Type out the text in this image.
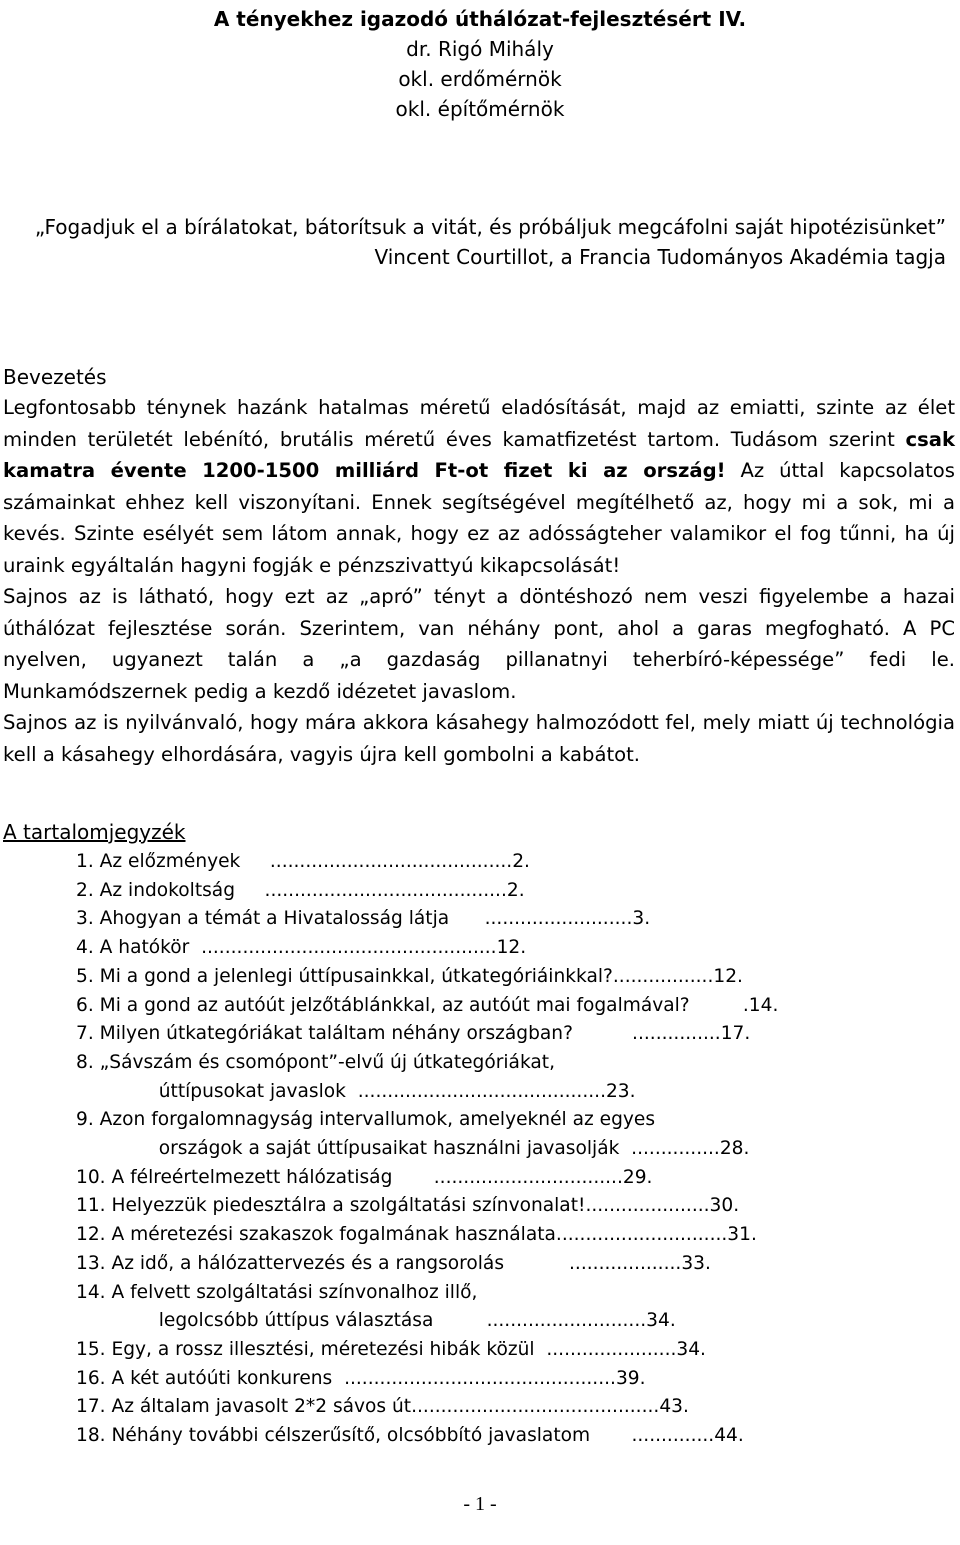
A tényekhez igazodó úthálózat-fejlesztésért IV.
dr. Rigó Mihály
okl. erdőmérnök
okl. építőmérnök
„Fogadjuk el a bírálatokat, bátorítsuk a vitát, és próbáljuk megcáfolni saját hipotézisünket”
Vincent Courtillot, a Francia Tudományos Akadémia tagja
Bevezetés

Legfontosabb ténynek hazánk hatalmas méretű eladósítását, majd az emiatti, szinte az élet minden területét lebénító, brutális méretű éves kamatfizetést tartom. Tudásom szerint csak kamatra évente 1200-1500 milliárd Ft-ot fizet ki az ország! Az úttal kapcsolatos számainkat ehhez kell viszonyítani. Ennek segítségével megítélhető az, hogy mi a sok, mi a kevés. Szinte esélyét sem látom annak, hogy ez az adósságteher valamikor el fog tűnni, ha új uraink egyáltalán hagyni fogják e pénzszivattyú kikapcsolását!

Sajnos az is látható, hogy ezt az „apró” tényt a döntéshozó nem veszi figyelembe a hazai úthálózat fejlesztése során. Szerintem, van néhány pont, ahol a garas megfogható. A PC nyelven, ugyanezt talán a „a gazdaság pillanatnyi teherbíró-képessége” fedi le. Munkamódszernek pedig a kezdő idézetet javaslom.

Sajnos az is nyilvánvaló, hogy mára akkora kásahegy halmozódott fel, mely miatt új technológia kell a kásahegy elhordására, vagyis újra kell gombolni a kabátot.

A tartalomjegyzék
1. Az előzmények     .........................................2.
2. Az indokoltság     .........................................2.
3. Ahogyan a témát a Hivatalosság látja      .........................3.
4. A hatókör  ..................................................12.
5. Mi a gond a jelenlegi úttípusainkkal, útkategóriáinkkal?.................12.
6. Mi a gond az autóút jelzőtáblánkkal, az autóút mai fogalmával?         .14.
7. Milyen útkategóriákat találtam néhány országban?          ...............17.
8. „Sávszám és csomópont”-elvű új útkategóriákat,
úttípusokat javaslok  ..........................................23.
9. Azon forgalomnagyság intervallumok, amelyeknél az egyes
országok a saját úttípusaikat használni javasolják  ...............28.
10. A félreértelmezett hálózatiság       ................................29.
11. Helyezzük piedesztálra a szolgáltatási színvonalat!.....................30.
12. A méretezési szakaszok fogalmának használata.............................31.
13. Az idő, a hálózattervezés és a rangsorolás           ...................33.
14. A felvett szolgáltatási színvonalhoz illő,
legolcsóbb úttípus választása         ...........................34.
15. Egy, a rossz illesztési, méretezési hibák közül  ......................34.
16. A két autóúti konkurens  ..............................................39.
17. Az általam javasolt 2*2 sávos út..........................................43.
18. Néhány további célszerűsítő, olcsóbbító javaslatom       ..............44.
- 1 -
